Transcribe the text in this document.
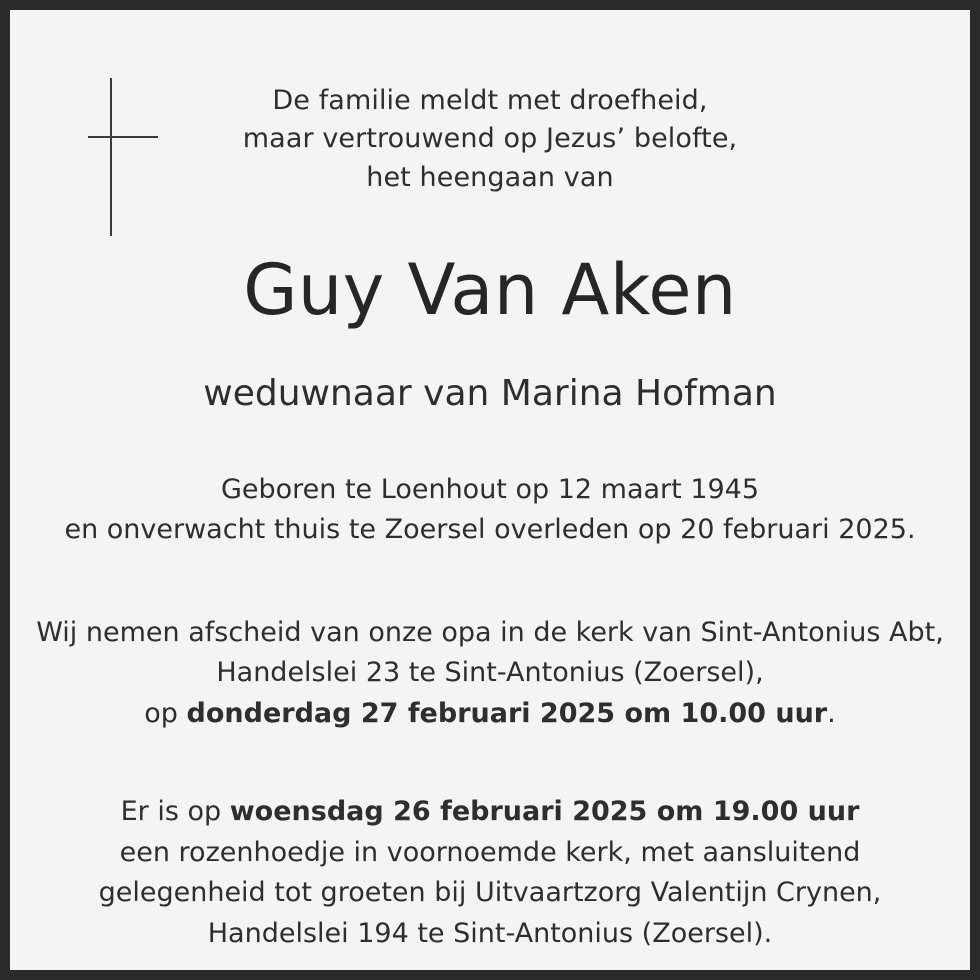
De familie meldt met droefheid,
maar vertrouwend op Jezus’ belofte,
het heengaan van
Guy Van Aken
weduwnaar van Marina Hofman
Geboren te Loenhout op 12 maart 1945
en onverwacht thuis te Zoersel overleden op 20 februari 2025.
Wij nemen afscheid van onze opa in de kerk van Sint-Antonius Abt,
Handelslei 23 te Sint-Antonius (Zoersel),
op donderdag 27 februari 2025 om 10.00 uur.
Er is op woensdag 26 februari 2025 om 19.00 uur
een rozenhoedje in voornoemde kerk, met aansluitend
gelegenheid tot groeten bij Uitvaartzorg Valentijn Crynen,
Handelslei 194 te Sint-Antonius (Zoersel).
